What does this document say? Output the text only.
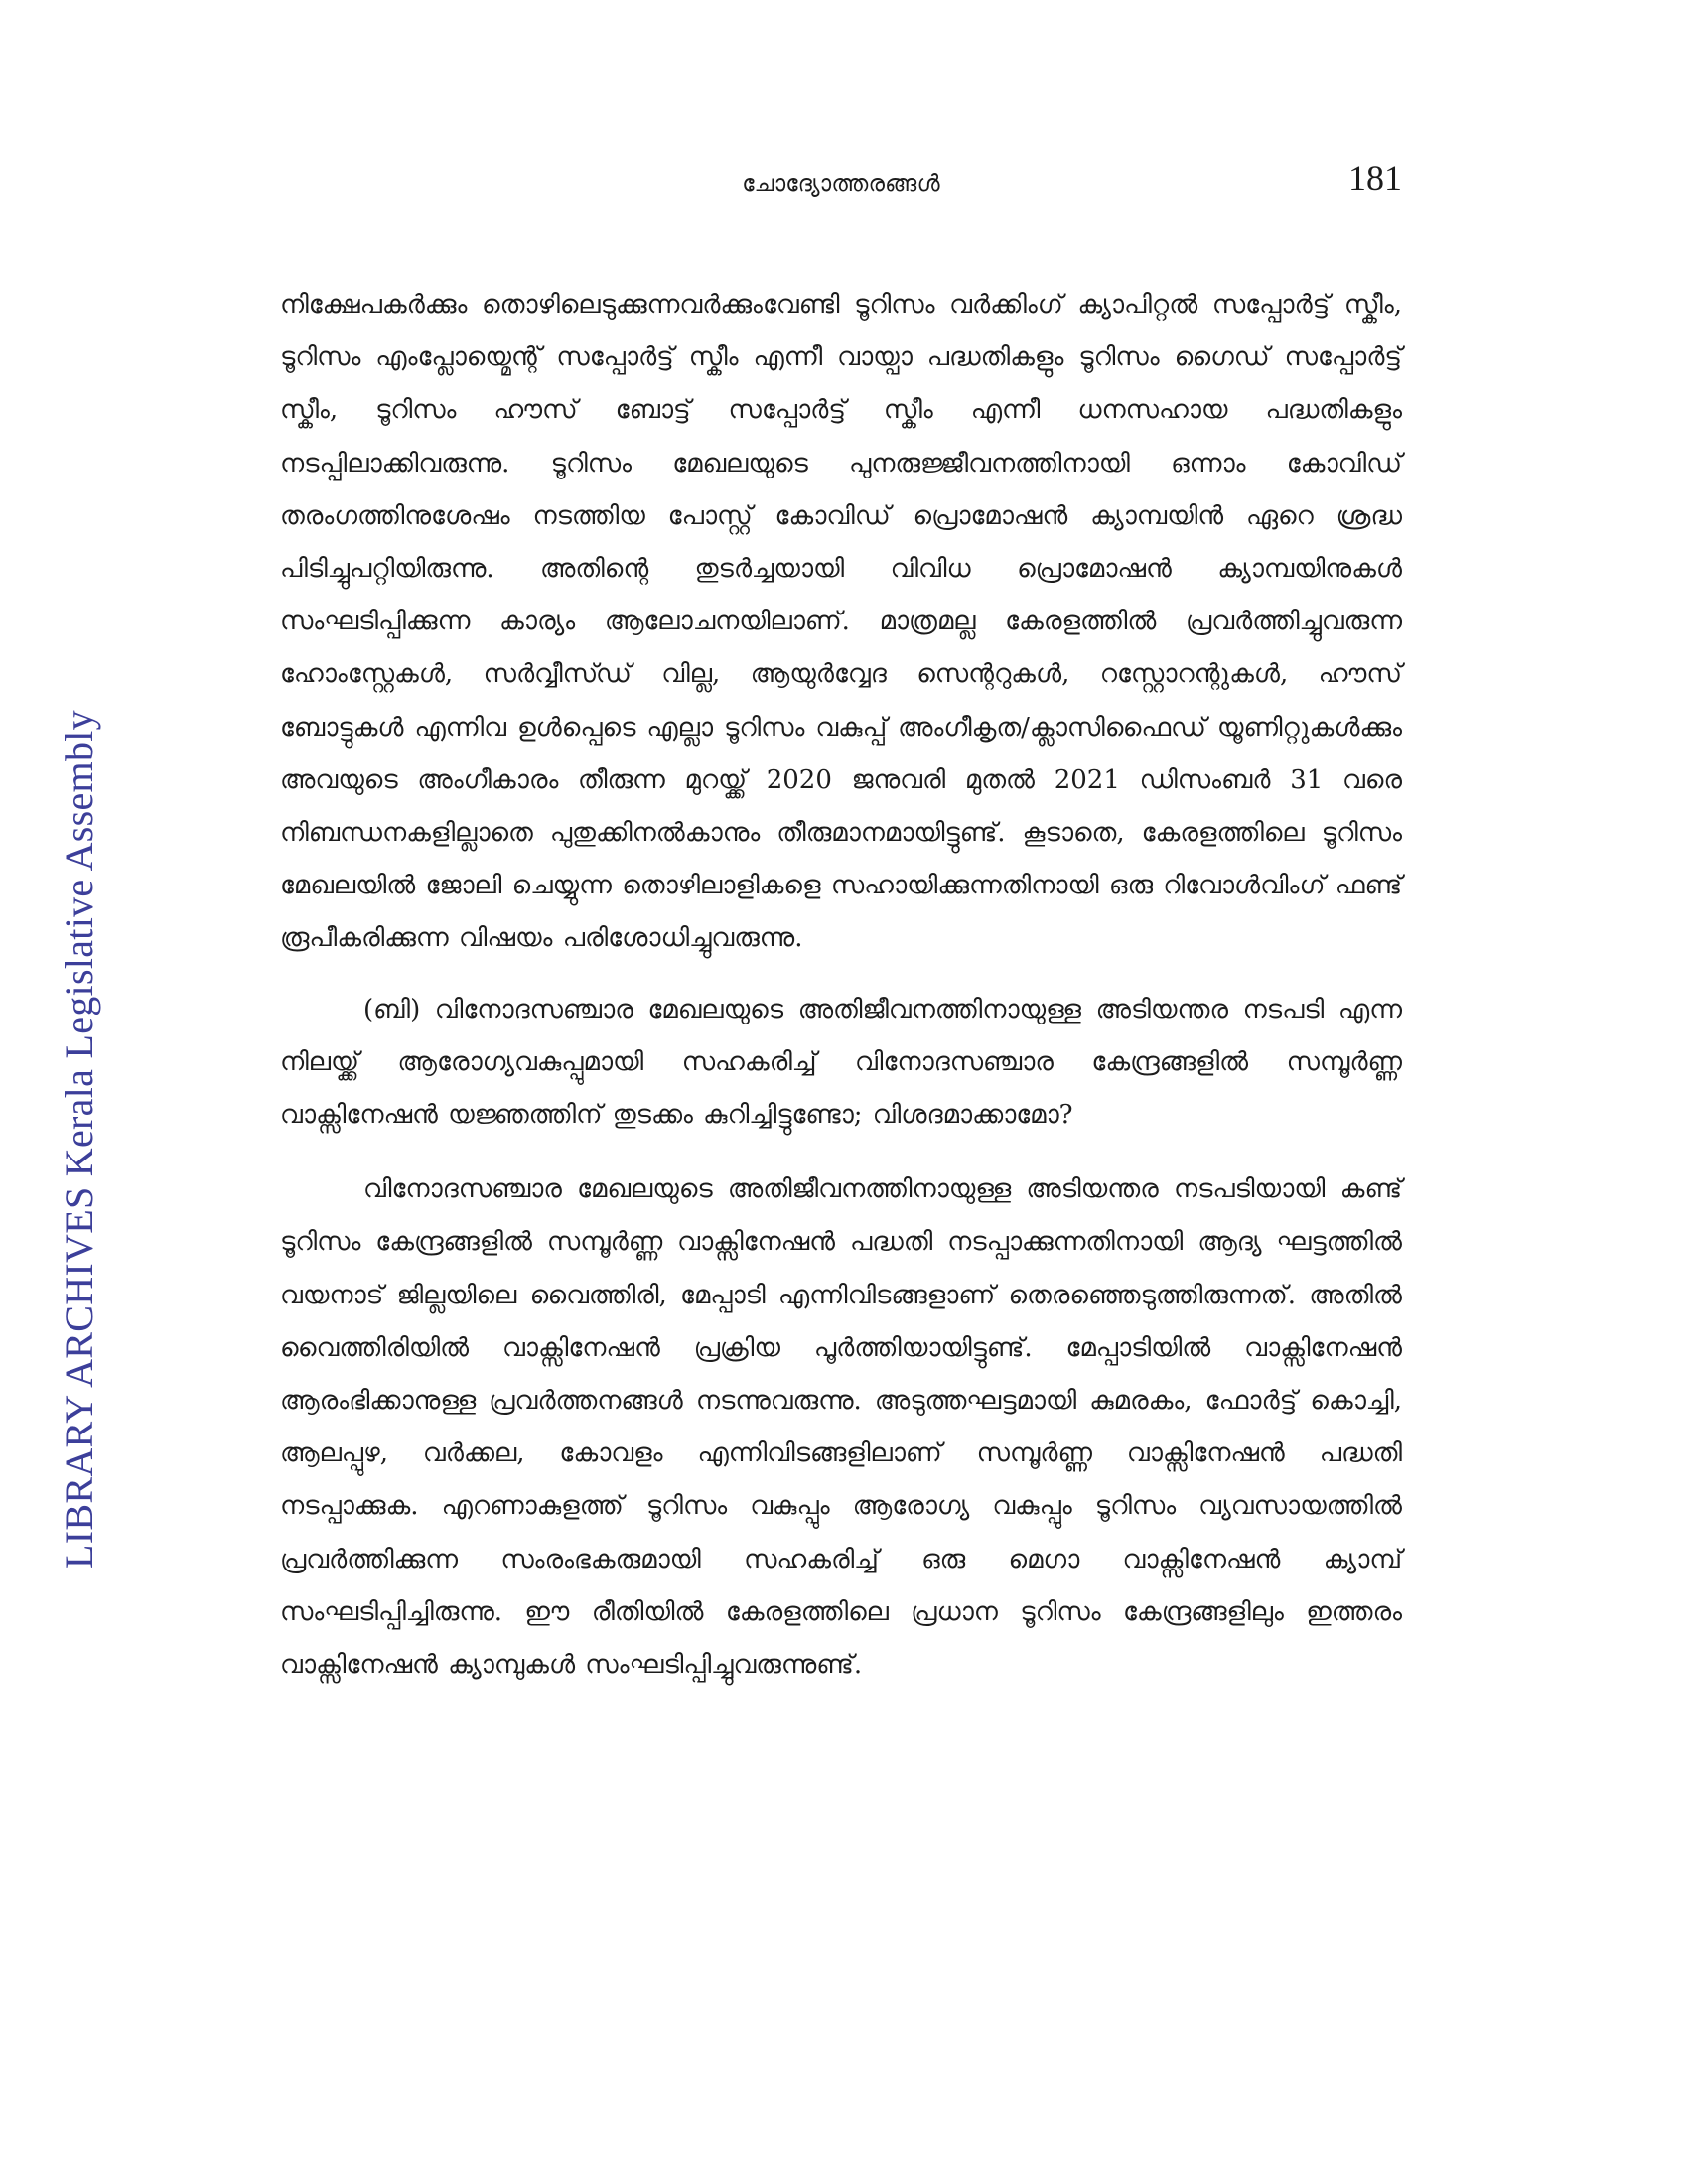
ചോദ്യോത്തരങ്ങൾ	181
LIBRARY ARCHIVES Kerala Legislative Assembly

നിക്ഷേപകർക്കും തൊഴിലെടുക്കുന്നവർക്കുംവേണ്ടി ടൂറിസം വർക്കിംഗ് ക്യാപിറ്റൽ സപ്പോർട്ട് സ്കീം, ടൂറിസം എംപ്ലോയ്മെന്റ് സപ്പോർട്ട് സ്കീം എന്നീ വായ്പാ പദ്ധതികളും ടൂറിസം ഗൈഡ് സപ്പോർട്ട് സ്കീം, ടൂറിസം ഹൗസ് ബോട്ട് സപ്പോർട്ട് സ്കീം എന്നീ ധനസഹായ പദ്ധതികളും നടപ്പിലാക്കിവരുന്നു. ടൂറിസം മേഖലയുടെ പുനരുജ്ജീവനത്തിനായി ഒന്നാം കോവിഡ് തരംഗത്തിനുശേഷം നടത്തിയ പോസ്റ്റ് കോവിഡ് പ്രൊമോഷൻ ക്യാമ്പയിൻ ഏറെ ശ്രദ്ധ പിടിച്ചുപറ്റിയിരുന്നു. അതിന്റെ തുടർച്ചയായി വിവിധ പ്രൊമോഷൻ ക്യാമ്പയിനുകൾ സംഘടിപ്പിക്കുന്ന കാര്യം ആലോചനയിലാണ്. മാത്രമല്ല കേരളത്തിൽ പ്രവർത്തിച്ചുവരുന്ന ഹോംസ്റ്റേകൾ, സർവ്വീസ്ഡ് വില്ല, ആയുർവ്വേദ സെന്ററുകൾ, റസ്റ്റോറന്റുകൾ, ഹൗസ് ബോട്ടുകൾ എന്നിവ ഉൾപ്പെടെ എല്ലാ ടൂറിസം വകുപ്പ് അംഗീകൃത/ക്ലാസിഫൈഡ് യൂണിറ്റുകൾക്കും അവയുടെ അംഗീകാരം തീരുന്ന മുറയ്ക്ക് 2020 ജനുവരി മുതൽ 2021 ഡിസംബർ 31 വരെ നിബന്ധനകളില്ലാതെ പുതുക്കിനൽകാനും തീരുമാനമായിട്ടുണ്ട്. കൂടാതെ, കേരളത്തിലെ ടൂറിസം മേഖലയിൽ ജോലി ചെയ്യുന്ന തൊഴിലാളികളെ സഹായിക്കുന്നതിനായി ഒരു റിവോൾവിംഗ് ഫണ്ട് രൂപീകരിക്കുന്ന വിഷയം പരിശോധിച്ചുവരുന്നു.

(ബി) വിനോദസഞ്ചാര മേഖലയുടെ അതിജീവനത്തിനായുള്ള അടിയന്തര നടപടി എന്ന നിലയ്ക്ക് ആരോഗ്യവകുപ്പുമായി സഹകരിച്ച് വിനോദസഞ്ചാര കേന്ദ്രങ്ങളിൽ സമ്പൂർണ്ണ വാക്സിനേഷൻ യജ്ഞത്തിന് തുടക്കം കുറിച്ചിട്ടുണ്ടോ; വിശദമാക്കാമോ?

വിനോദസഞ്ചാര മേഖലയുടെ അതിജീവനത്തിനായുള്ള അടിയന്തര നടപടിയായി കണ്ട് ടൂറിസം കേന്ദ്രങ്ങളിൽ സമ്പൂർണ്ണ വാക്സിനേഷൻ പദ്ധതി നടപ്പാക്കുന്നതിനായി ആദ്യ ഘട്ടത്തിൽ വയനാട് ജില്ലയിലെ വൈത്തിരി, മേപ്പാടി എന്നിവിടങ്ങളാണ് തെരഞ്ഞെടുത്തിരുന്നത്. അതിൽ വൈത്തിരിയിൽ വാക്സിനേഷൻ പ്രക്രിയ പൂർത്തിയായിട്ടുണ്ട്. മേപ്പാടിയിൽ വാക്സിനേഷൻ ആരംഭിക്കാനുള്ള പ്രവർത്തനങ്ങൾ നടന്നുവരുന്നു. അടുത്തഘട്ടമായി കുമരകം, ഫോർട്ട് കൊച്ചി, ആലപ്പുഴ, വർക്കല, കോവളം എന്നിവിടങ്ങളിലാണ് സമ്പൂർണ്ണ വാക്സിനേഷൻ പദ്ധതി നടപ്പാക്കുക. എറണാകുളത്ത് ടൂറിസം വകുപ്പും ആരോഗ്യ വകുപ്പും ടൂറിസം വ്യവസായത്തിൽ പ്രവർത്തിക്കുന്ന സംരംഭകരുമായി സഹകരിച്ച് ഒരു മെഗാ വാക്സിനേഷൻ ക്യാമ്പ് സംഘടിപ്പിച്ചിരുന്നു. ഈ രീതിയിൽ കേരളത്തിലെ പ്രധാന ടൂറിസം കേന്ദ്രങ്ങളിലും ഇത്തരം വാക്സിനേഷൻ ക്യാമ്പുകൾ സംഘടിപ്പിച്ചുവരുന്നുണ്ട്.
